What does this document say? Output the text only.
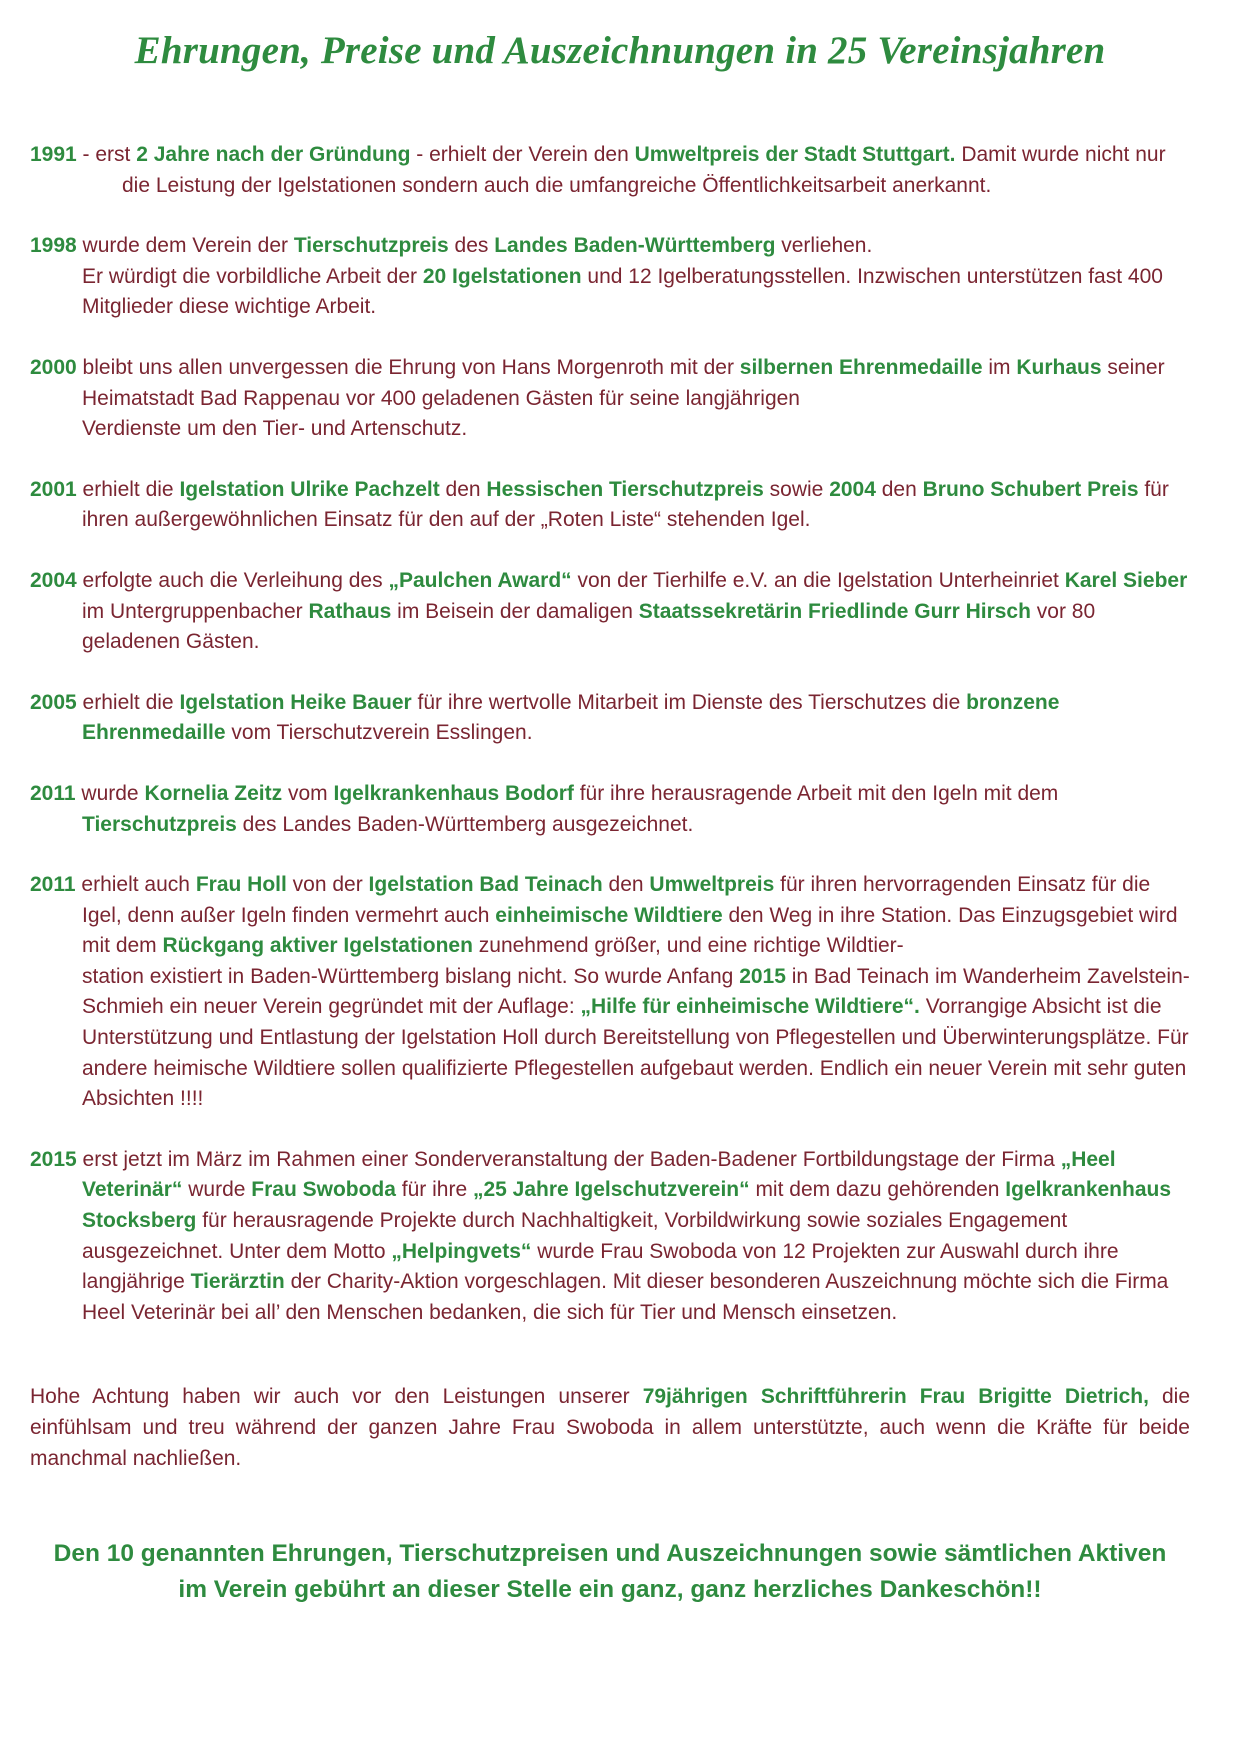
Ehrungen, Preise und Auszeichnungen in 25 Vereinsjahren

1991 - erst 2 Jahre nach der Gründung - erhielt der Verein den Umweltpreis der Stadt Stuttgart. Damit wurde nicht nur die Leistung der Igelstationen sondern auch die umfangreiche Öffentlichkeitsarbeit anerkannt.

1998 wurde dem Verein der Tierschutzpreis des Landes Baden-Württemberg verliehen.
Er würdigt die vorbildliche Arbeit der 20 Igelstationen und 12 Igelberatungsstellen. Inzwischen unterstützen fast 400 Mitglieder diese wichtige Arbeit.

2000 bleibt uns allen unvergessen die Ehrung von Hans Morgenroth mit der silbernen Ehrenmedaille im Kurhaus seiner Heimatstadt Bad Rappenau vor 400 geladenen Gästen für seine langjährigen
Verdienste um den Tier- und Artenschutz.

2001 erhielt die Igelstation Ulrike Pachzelt den Hessischen Tierschutzpreis sowie 2004 den Bruno Schubert Preis für ihren außergewöhnlichen Einsatz für den auf der „Roten Liste“ stehenden Igel.

2004 erfolgte auch die Verleihung des „Paulchen Award“ von der Tierhilfe e.V. an die Igelstation Unterheinriet Karel Sieber im Untergruppenbacher Rathaus im Beisein der damaligen Staatssekretärin Friedlinde Gurr Hirsch vor 80 geladenen Gästen.

2005 erhielt die Igelstation Heike Bauer für ihre wertvolle Mitarbeit im Dienste des Tierschutzes die bronzene Ehrenmedaille vom Tierschutzverein Esslingen.

2011 wurde Kornelia Zeitz vom Igelkrankenhaus Bodorf für ihre herausragende Arbeit mit den Igeln mit dem Tierschutzpreis des Landes Baden-Württemberg ausgezeichnet.

2011 erhielt auch Frau Holl von der Igelstation Bad Teinach den Umweltpreis für ihren hervorragenden Einsatz für die Igel, denn außer Igeln finden vermehrt auch einheimische Wildtiere den Weg in ihre Station. Das Einzugsgebiet wird mit dem Rückgang aktiver Igelstationen zunehmend größer, und eine richtige Wildtier-
station existiert in Baden-Württemberg bislang nicht. So wurde Anfang 2015 in Bad Teinach im Wanderheim Zavelstein-Schmieh ein neuer Verein gegründet mit der Auflage: „Hilfe für einheimische Wildtiere“. Vorrangige Absicht ist die Unterstützung und Entlastung der Igelstation Holl durch Bereitstellung von Pflegestellen und Überwinterungsplätze. Für andere heimische Wildtiere sollen qualifizierte Pflegestellen aufgebaut werden. Endlich ein neuer Verein mit sehr guten Absichten !!!!

2015 erst jetzt im März im Rahmen einer Sonderveranstaltung der Baden-Badener Fortbildungstage der Firma „Heel Veterinär“ wurde Frau Swoboda für ihre „25 Jahre Igelschutzverein“ mit dem dazu gehörenden Igelkrankenhaus Stocksberg für herausragende Projekte durch Nachhaltigkeit, Vorbildwirkung sowie soziales Engagement ausgezeichnet. Unter dem Motto „Helpingvets“ wurde Frau Swoboda von 12 Projekten zur Auswahl durch ihre langjährige Tierärztin der Charity-Aktion vorgeschlagen. Mit dieser besonderen Auszeichnung möchte sich die Firma Heel Veterinär bei all’ den Menschen bedanken, die sich für Tier und Mensch einsetzen.

Hohe Achtung haben wir auch vor den Leistungen unserer 79jährigen Schriftführerin Frau Brigitte Dietrich, die einfühlsam und treu während der ganzen Jahre Frau Swoboda in allem unterstützte, auch wenn die Kräfte für beide manchmal nachließen.

Den 10 genannten Ehrungen, Tierschutzpreisen und Auszeichnungen sowie sämtlichen Aktiven
im Verein gebührt an dieser Stelle ein ganz, ganz herzliches Dankeschön!!
